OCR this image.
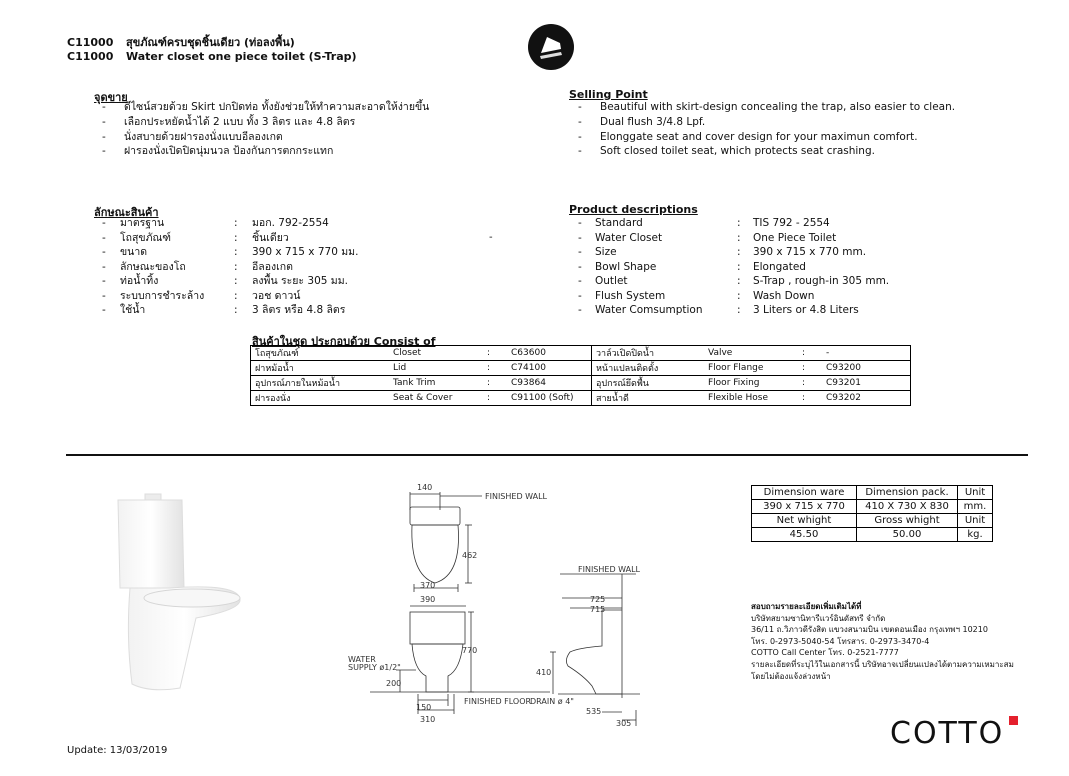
C11000 สุขภัณฑ์ครบชุดชิ้นเดียว (ท่อลงพื้น)
C11000 Water closet one piece toilet (S-Trap)
จุดขาย
- ดีไซน์สวยด้วย Skirt ปกปิดท่อ ทั้งยังช่วยให้ทำความสะอาดให้ง่ายขึ้น
- เลือกประหยัดน้ำได้ 2 แบบ ทั้ง 3 ลิตร และ 4.8 ลิตร
- นั่งสบายด้วยฝารองนั่งแบบอีลองเกต
- ฝารองนั่งเปิดปิดนุ่มนวล ป้องกันการตกกระแทก
Selling Point
- Beautiful with skirt-design concealing the trap, also easier to clean.
- Dual flush 3/4.8 Lpf.
- Elonggate seat and cover design for your maximun comfort.
- Soft closed toilet seat, which protects seat crashing.
ลักษณะสินค้า
- มาตรฐาน	: มอก. 792-2554
- โถสุขภัณฑ์	: ชิ้นเดียว
- ขนาด	: 390 x 715 x 770 มม.
- ลักษณะของโถ	: อีลองเกต
- ท่อน้ำทิ้ง	: ลงพื้น ระยะ 305 มม.
- ระบบการชำระล้าง	: วอช ดาวน์
- ใช้น้ำ	: 3 ลิตร หรือ 4.8 ลิตร
Product descriptions
- Standard	: TIS 792 - 2554
- Water Closet	: One Piece Toilet
- Size	: 390 x 715 x 770 mm.
- Bowl Shape	: Elongated
- Outlet	: S-Trap , rough-in 305 mm.
- Flush System	: Wash Down
- Water Comsumption	: 3 Liters or 4.8 Liters
-
สินค้าในชุด ประกอบด้วย Consist of
โถสุขภัณฑ์	Closet	:	C63600	วาล์วเปิดปิดน้ำ	Valve	:	-
ฝาหม้อน้ำ	Lid	:	C74100	หน้าแปลนติดตั้ง	Floor Flange	:	C93200
อุปกรณ์ภายในหม้อน้ำ	Tank Trim	:	C93864	อุปกรณ์ยึดพื้น	Floor Fixing	:	C93201
ฝารองนั่ง	Seat & Cover	:	C91100 (Soft)	สายน้ำดี	Flexible Hose	:	C93202
140
FINISHED WALL
462
370
390
770
WATER
SUPPLY ø1/2"
200
150
310
FINISHED FLOOR
FINISHED WALL
725
715
410
DRAIN ø 4"
535
305
Dimension ware	Dimension pack.	Unit
390 x 715 x 770	410 X 730 X 830	mm.
Net whight	Gross whight	Unit
45.50	50.00	kg.
สอบถามรายละเอียดเพิ่มเติมได้ที่
บริษัทสยามซานิทารีแวร์อินดัสทรี จำกัด
36/11 ถ.วิภาวดีรังสิต แขวงสนามบิน เขตดอนเมือง กรุงเทพฯ 10210
โทร. 0-2973-5040-54 โทรสาร. 0-2973-3470-4
COTTO Call Center โทร. 0-2521-7777
รายละเอียดที่ระบุไว้ในเอกสารนี้ บริษัทอาจเปลี่ยนแปลงได้ตามความเหมาะสม
โดยไม่ต้องแจ้งล่วงหน้า
Update: 13/03/2019	COTTO
